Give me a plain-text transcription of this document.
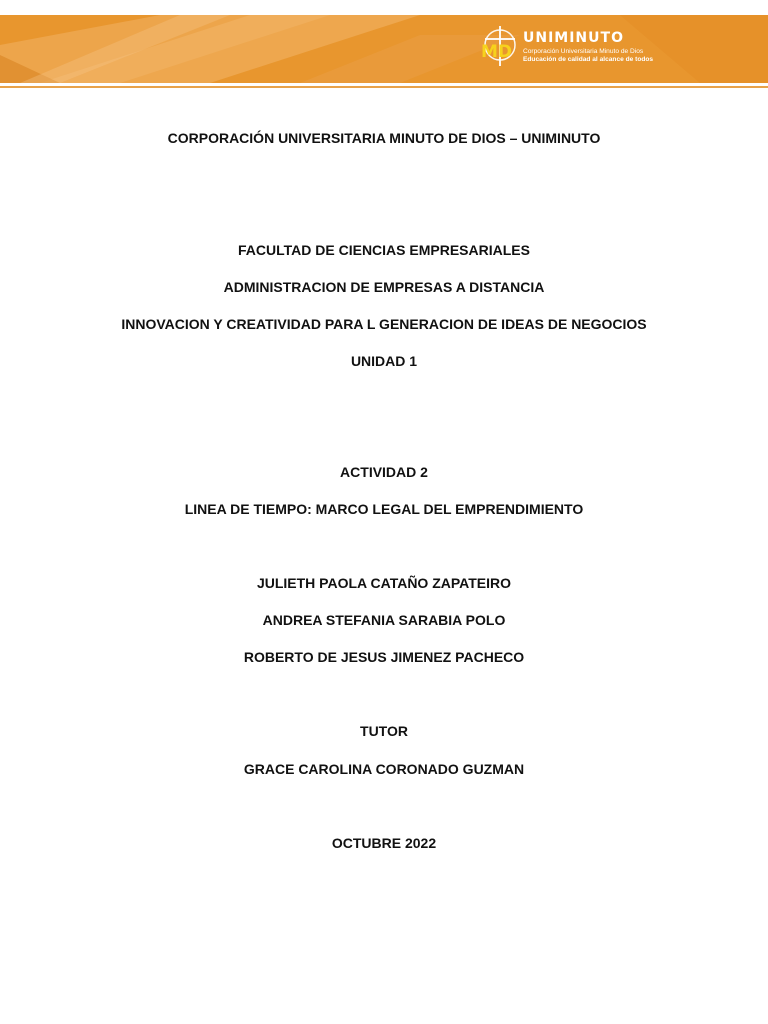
MD
UNIMINUTO
Corporación Universitaria Minuto de Dios
Educación de calidad al alcance de todos
CORPORACIÓN UNIVERSITARIA MINUTO DE DIOS – UNIMINUTO
FACULTAD DE CIENCIAS EMPRESARIALES
ADMINISTRACION DE EMPRESAS A DISTANCIA
INNOVACION Y CREATIVIDAD PARA L GENERACION DE IDEAS DE NEGOCIOS
UNIDAD 1
ACTIVIDAD 2
LINEA DE TIEMPO: MARCO LEGAL DEL EMPRENDIMIENTO
JULIETH PAOLA CATAÑO ZAPATEIRO
ANDREA STEFANIA SARABIA POLO
ROBERTO DE JESUS JIMENEZ PACHECO
TUTOR
GRACE CAROLINA CORONADO GUZMAN
OCTUBRE 2022
